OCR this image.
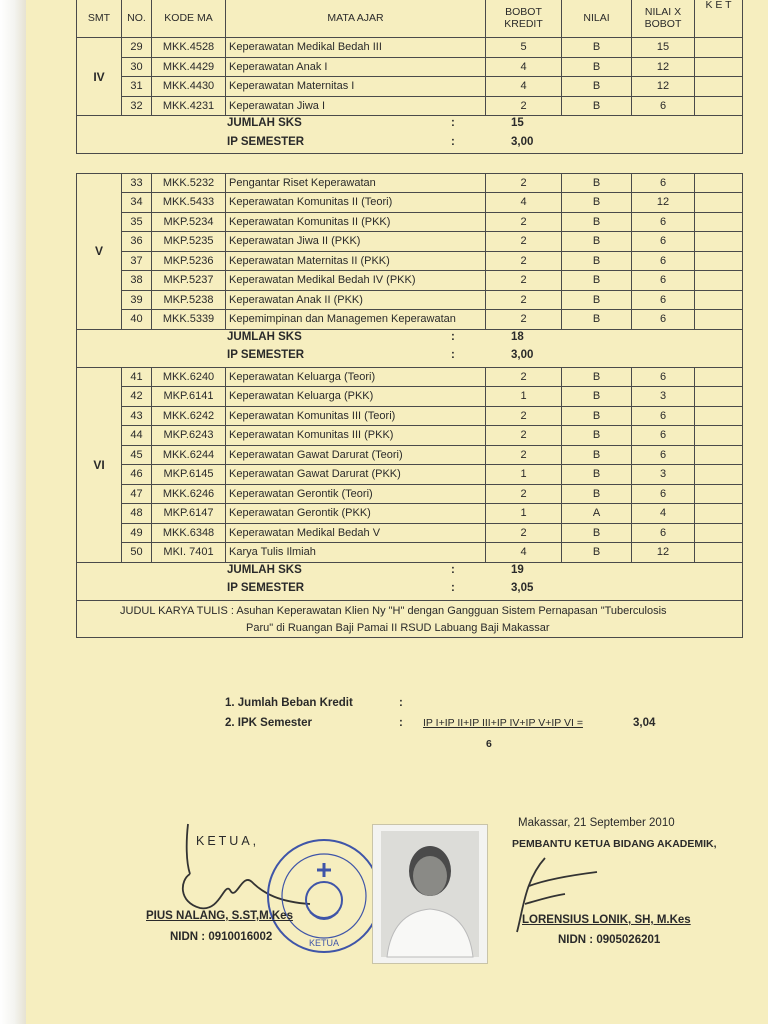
SMT	NO.	KODE MA	MATA AJAR	BOBOT KREDIT	NILAI	NILAI X BOBOT	K E T
IV	29	MKK.4528	Keperawatan Medikal Bedah III	5	B	15	
	30	MKK.4429	Keperawatan Anak I	4	B	12	
	31	MKK.4430	Keperawatan Maternitas I	4	B	12	
	32	MKK.4231	Keperawatan Jiwa I	2	B	6	

JUMLAH SKS : 15							

IP SEMESTER : 3,00							

V	33	MKK.5232	Pengantar Riset Keperawatan	2	B	6	
	34	MKK.5433	Keperawatan Komunitas II (Teori)	4	B	12	
	35	MKP.5234	Keperawatan Komunitas II (PKK)	2	B	6	
	36	MKP.5235	Keperawatan Jiwa II (PKK)	2	B	6	
	37	MKP.5236	Keperawatan Maternitas II (PKK)	2	B	6	
	38	MKP.5237	Keperawatan Medikal Bedah IV (PKK)	2	B	6	
	39	MKP.5238	Keperawatan Anak II (PKK)	2	B	6	
	40	MKK.5339	Kepemimpinan dan Managemen Keperawatan	2	B	6	

JUMLAH SKS : 18							

IP SEMESTER : 3,00							

VI	41	MKK.6240	Keperawatan Keluarga (Teori)	2	B	6	
	42	MKP.6141	Keperawatan Keluarga (PKK)	1	B	3	
	43	MKK.6242	Keperawatan Komunitas III (Teori)	2	B	6	
	44	MKP.6243	Keperawatan Komunitas III (PKK)	2	B	6	
	45	MKK.6244	Keperawatan Gawat Darurat (Teori)	2	B	6	
	46	MKP.6145	Keperawatan Gawat Darurat (PKK)	1	B	3	
	47	MKK.6246	Keperawatan Gerontik (Teori)	2	B	6	
	48	MKP.6147	Keperawatan Gerontik (PKK)	1	A	4	
	49	MKK.6348	Keperawatan Medikal Bedah V	2	B	6	
	50	MKI. 7401	Karya Tulis Ilmiah	4	B	12	

JUMLAH SKS : 19							

IP SEMESTER : 3,05							

JUDUL KARYA TULIS : Asuhan Keperawatan Klien Ny "H" dengan Gangguan Sistem Pernapasan "Tuberculosis
Paru" di Ruangan Baji Pamai II RSUD Labuang Baji Makassar							
1. Jumlah Beban Kredit	:
2. IPK Semester	: IP I+IP II+IP III+IP IV+IP V+IP VI =	3,04
6
Makassar, 21 September 2010
PEMBANTU KETUA BIDANG AKADEMIK,
KETUA,
KETUA
PIUS NALANG, S.ST,M.Kes
NIDN : 0910016002
LORENSIUS LONIK, SH, M.Kes
NIDN : 0905026201
